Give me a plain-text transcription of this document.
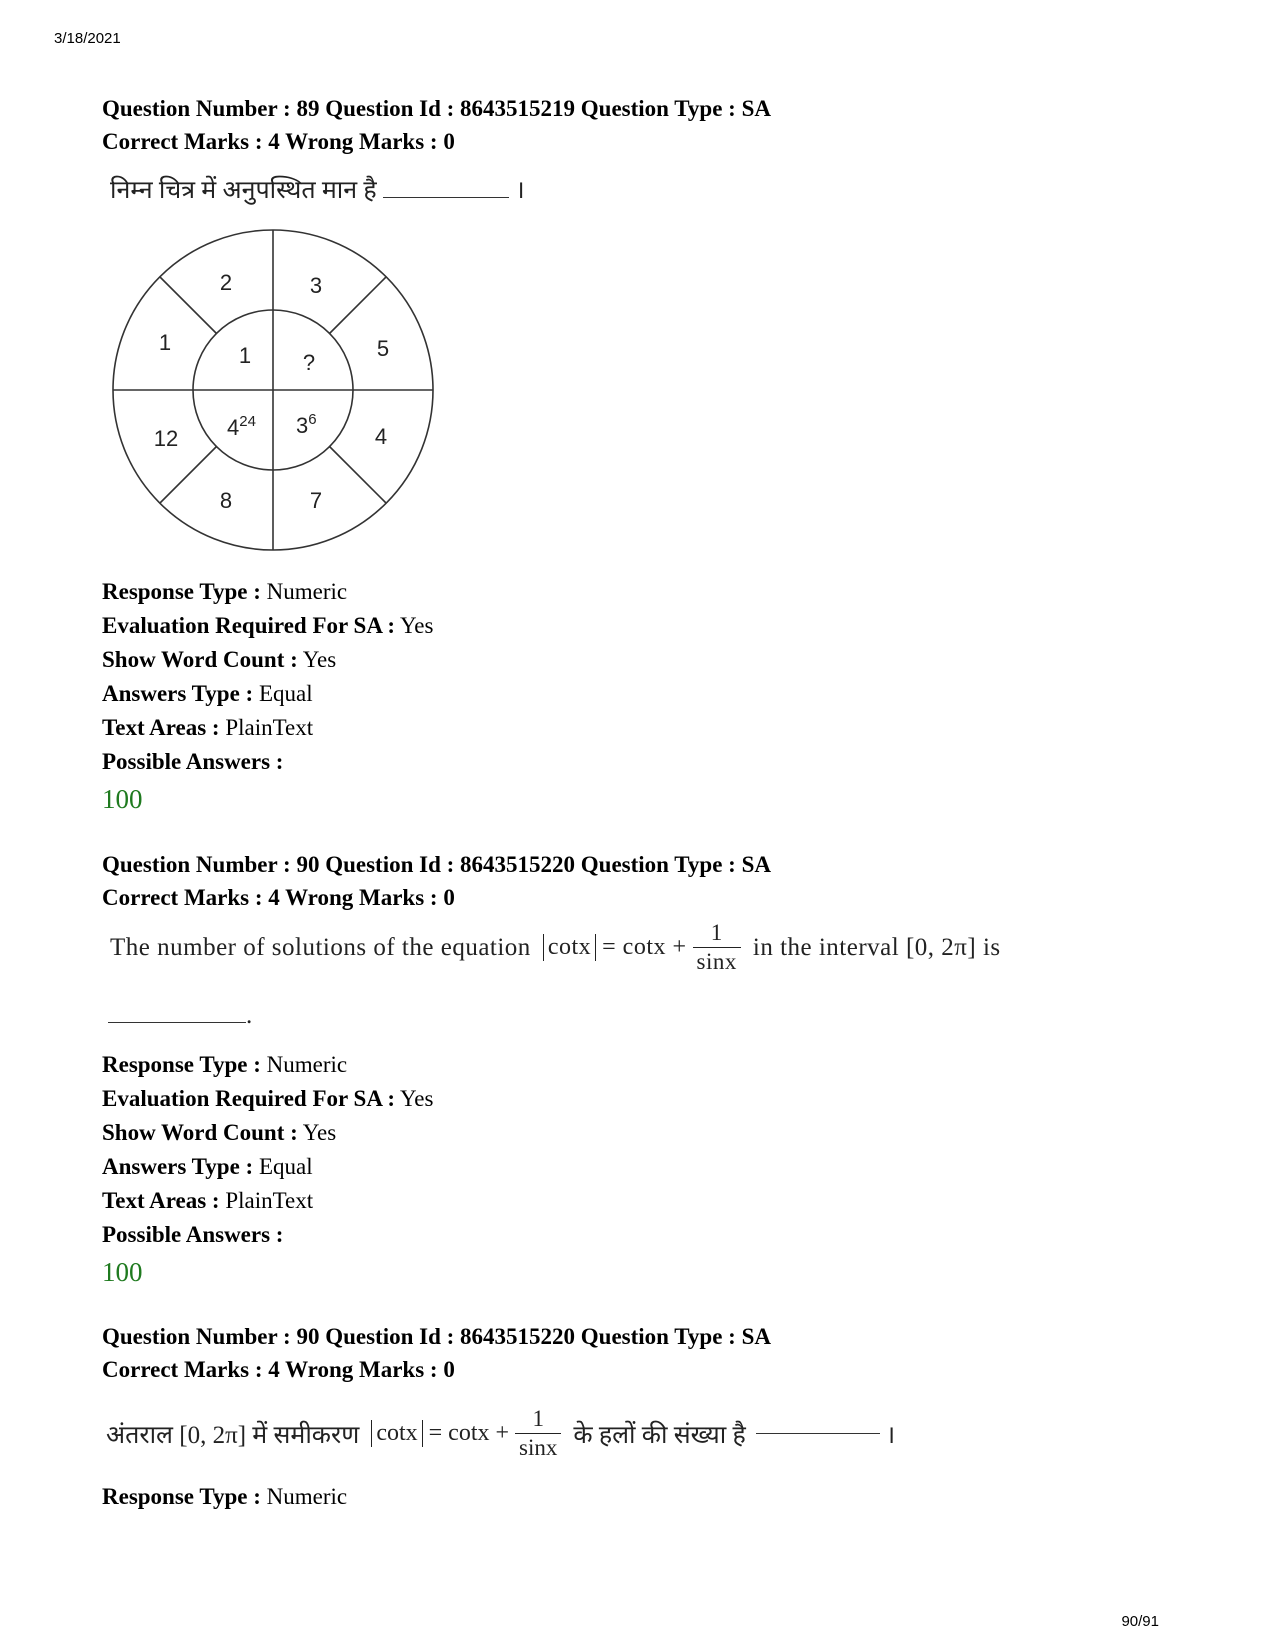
3/18/2021
Question Number : 89 Question Id : 8643515219 Question Type : SA
Correct Marks : 4 Wrong Marks : 0
निम्न चित्र में अनुपस्थित मान है	।
2	3
5
4
7
8
12
1
1 ?
$4^{24}$ $3^6$
Response Type : Numeric
Evaluation Required For SA : Yes
Show Word Count : Yes
Answers Type : Equal
Text Areas : PlainText
Possible Answers :
100
Question Number : 90 Question Id : 8643515220 Question Type : SA
Correct Marks : 4 Wrong Marks : 0
The number of solutions of the equation $\cot x = \cot x + \frac{1}{\sin x}$ in the interval [0, 2π] is
.
Response Type : Numeric
Evaluation Required For SA : Yes
Show Word Count : Yes
Answers Type : Equal
Text Areas : PlainText
Possible Answers :
100
Question Number : 90 Question Id : 8643515220 Question Type : SA
Correct Marks : 4 Wrong Marks : 0
अंतराल [0, 2π] में समीकरण $\cot x = \cot x + \frac{1}{\sin x}$ के हलों की संख्या है	।
Response Type : Numeric
90/91
